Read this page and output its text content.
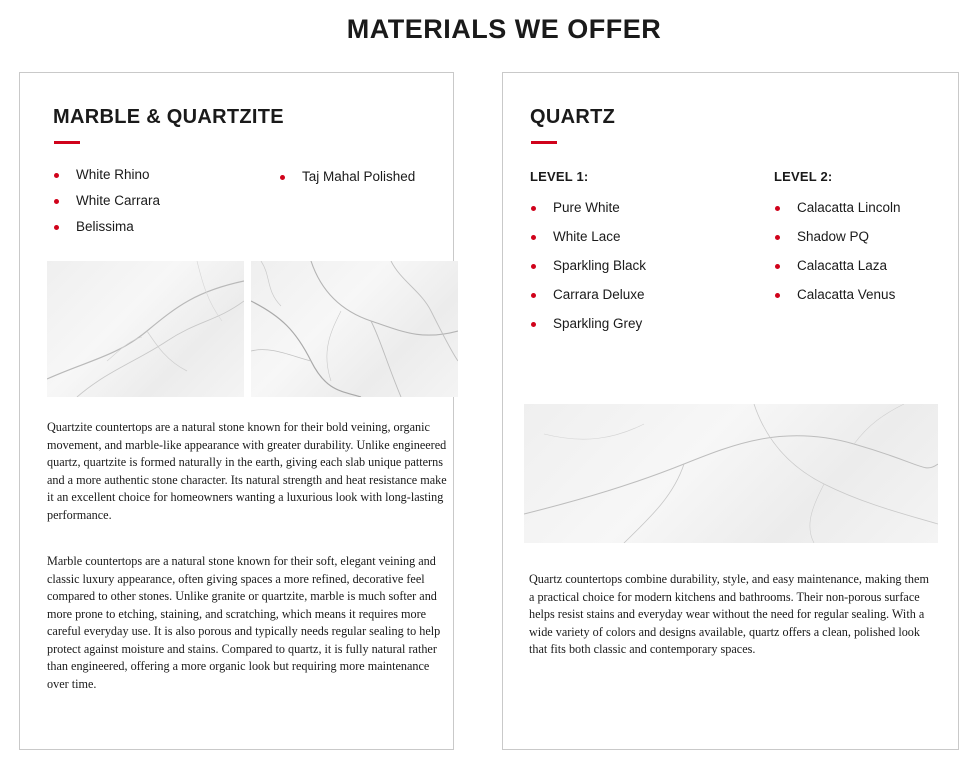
MATERIALS WE OFFER
MARBLE & QUARTZITE
White Rhino
White Carrara
Belissima
Taj Mahal Polished

Quartzite countertops are a natural stone known for their bold veining, organic movement, and marble-like appearance with greater durability. Unlike engineered quartz, quartzite is formed naturally in the earth, giving each slab unique patterns and a more authentic stone character. Its natural strength and heat resistance make it an excellent choice for homeowners wanting a luxurious look with long-lasting performance.

Marble countertops are a natural stone known for their soft, elegant veining and classic luxury appearance, often giving spaces a more refined, decorative feel compared to other stones. Unlike granite or quartzite, marble is much softer and more prone to etching, staining, and scratching, which means it requires more careful everyday use. It is also porous and typically needs regular sealing to help protect against moisture and stains. Compared to quartz, it is fully natural rather than engineered, offering a more organic look but requiring more maintenance over time.

QUARTZ
LEVEL 1:	LEVEL 2:
Pure White
White Lace
Sparkling Black
Carrara Deluxe
Sparkling Grey
Calacatta Lincoln
Shadow PQ
Calacatta Laza
Calacatta Venus

Quartz countertops combine durability, style, and easy maintenance, making them a practical choice for modern kitchens and bathrooms. Their non-porous surface helps resist stains and everyday wear without the need for regular sealing. With a wide variety of colors and designs available, quartz offers a clean, polished look that fits both classic and contemporary spaces.
